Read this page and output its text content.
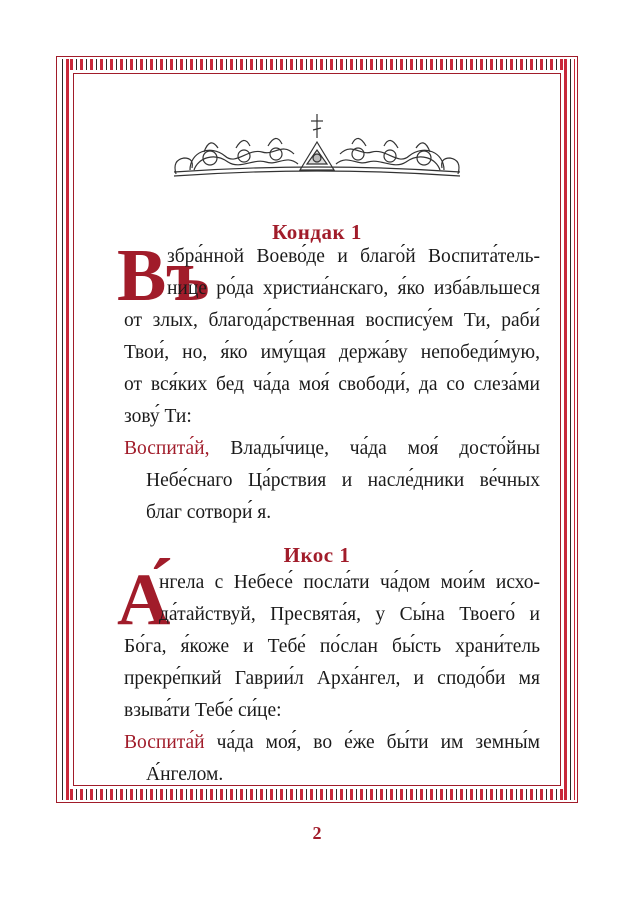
Кондак 1
Въ
збра́нной Воево́де и благо́й Воспита́тель-
нице ро́да христиа́нскаго, я́ко изба́вльшеся
от злых, благода́рственная воспису́ем Ти, раби́
Твои́, но, я́ко иму́щая держа́ву непобеди́мую,
от вся́ких бед ча́да моя́ свободи́, да со слеза́ми
зову́ Ти:
Воспита́й, Влады́чице, ча́да моя́ досто́йны
Небе́снаго Ца́рствия и насле́дники ве́чных
благ сотвори́ я.
Икос 1
А́
нгела с Небесе́ посла́ти ча́дом мои́м исхо-
да́тайствуй, Пресвята́я, у Сы́на Твоего́ и
Бо́га, я́коже и Тебе́ по́слан бы́сть храни́тель
прекре́пкий Гаврии́л Арха́нгел, и сподо́би мя
взыва́ти Тебе́ си́це:
Воспита́й ча́да моя́, во е́же бы́ти им земны́м
А́нгелом.
2
